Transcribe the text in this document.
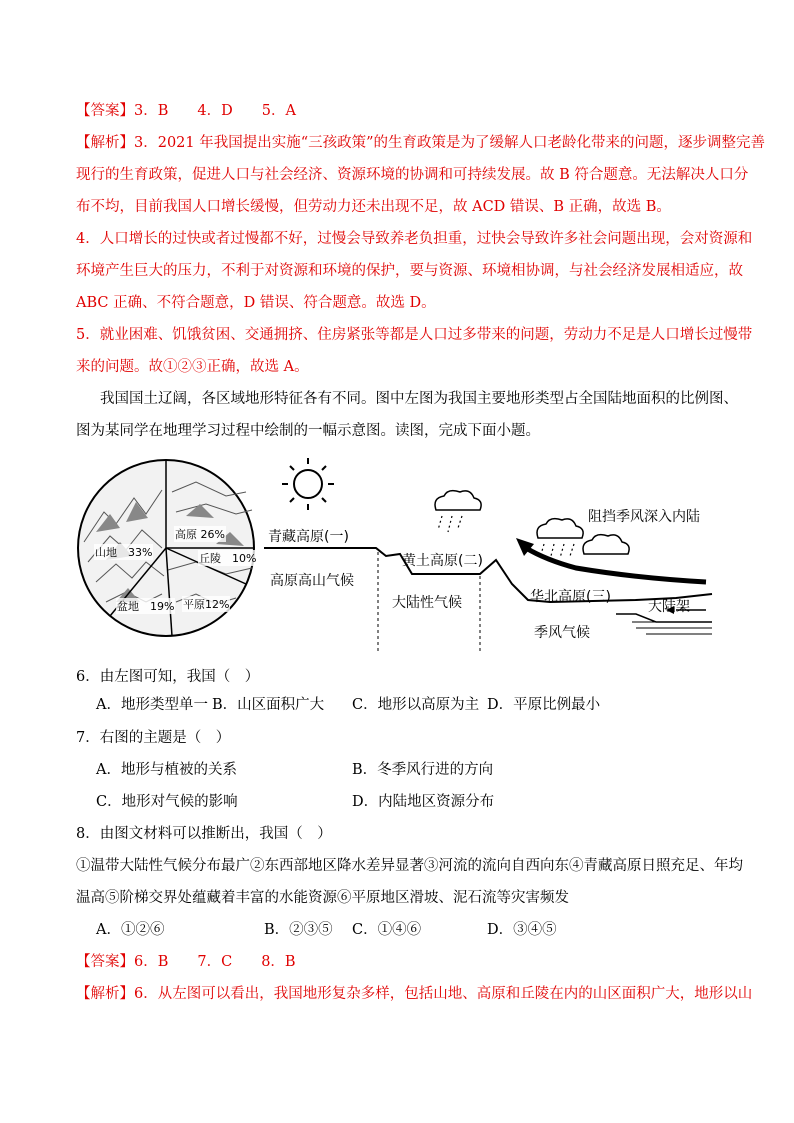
【答案】3．B　　4．D　　5．A
【解析】3．2021 年我国提出实施“三孩政策”的生育政策是为了缓解人口老龄化带来的问题，逐步调整完善
现行的生育政策，促进人口与社会经济、资源环境的协调和可持续发展。故 B 符合题意。无法解决人口分
布不均，目前我国人口增长缓慢，但劳动力还未出现不足，故 ACD 错误、B 正确，故选 B。
4．人口增长的过快或者过慢都不好，过慢会导致养老负担重，过快会导致许多社会问题出现，会对资源和
环境产生巨大的压力，不利于对资源和环境的保护，要与资源、环境相协调，与社会经济发展相适应，故
ABC 正确、不符合题意，D 错误、符合题意。故选 D。
5．就业困难、饥饿贫困、交通拥挤、住房紧张等都是人口过多带来的问题，劳动力不足是人口增长过慢带
来的问题。故①②③正确，故选 A。
我国国土辽阔，各区域地形特征各有不同。图中左图为我国主要地形类型占全国陆地面积的比例图、
图为某同学在地理学习过程中绘制的一幅示意图。读图，完成下面小题。
高原 26%
丘陵　10%
山地　33%
盆地　19% 平原12%
青藏高原(一)
高原高山气候
黄土高原(二)
大陆性气候
阻挡季风深入内陆
华北高原(三)
大陆架
季风气候
6．由左图可知，我国（　）
A．地形类型单一 B．山区面积广大 C．地形以高原为主 D．平原比例最小
7．右图的主题是（　）
A．地形与植被的关系	B．冬季风行进的方向
C．地形对气候的影响	D．内陆地区资源分布
8．由图文材料可以推断出，我国（　）
①温带大陆性气候分布最广②东西部地区降水差异显著③河流的流向自西向东④青藏高原日照充足、年均
温高⑤阶梯交界处蕴藏着丰富的水能资源⑥平原地区滑坡、泥石流等灾害频发
A．①②⑥	B．②③⑤ C．①④⑥	D．③④⑤
【答案】6．B　　7．C　　8．B
【解析】6．从左图可以看出，我国地形复杂多样，包括山地、高原和丘陵在内的山区面积广大，地形以山
